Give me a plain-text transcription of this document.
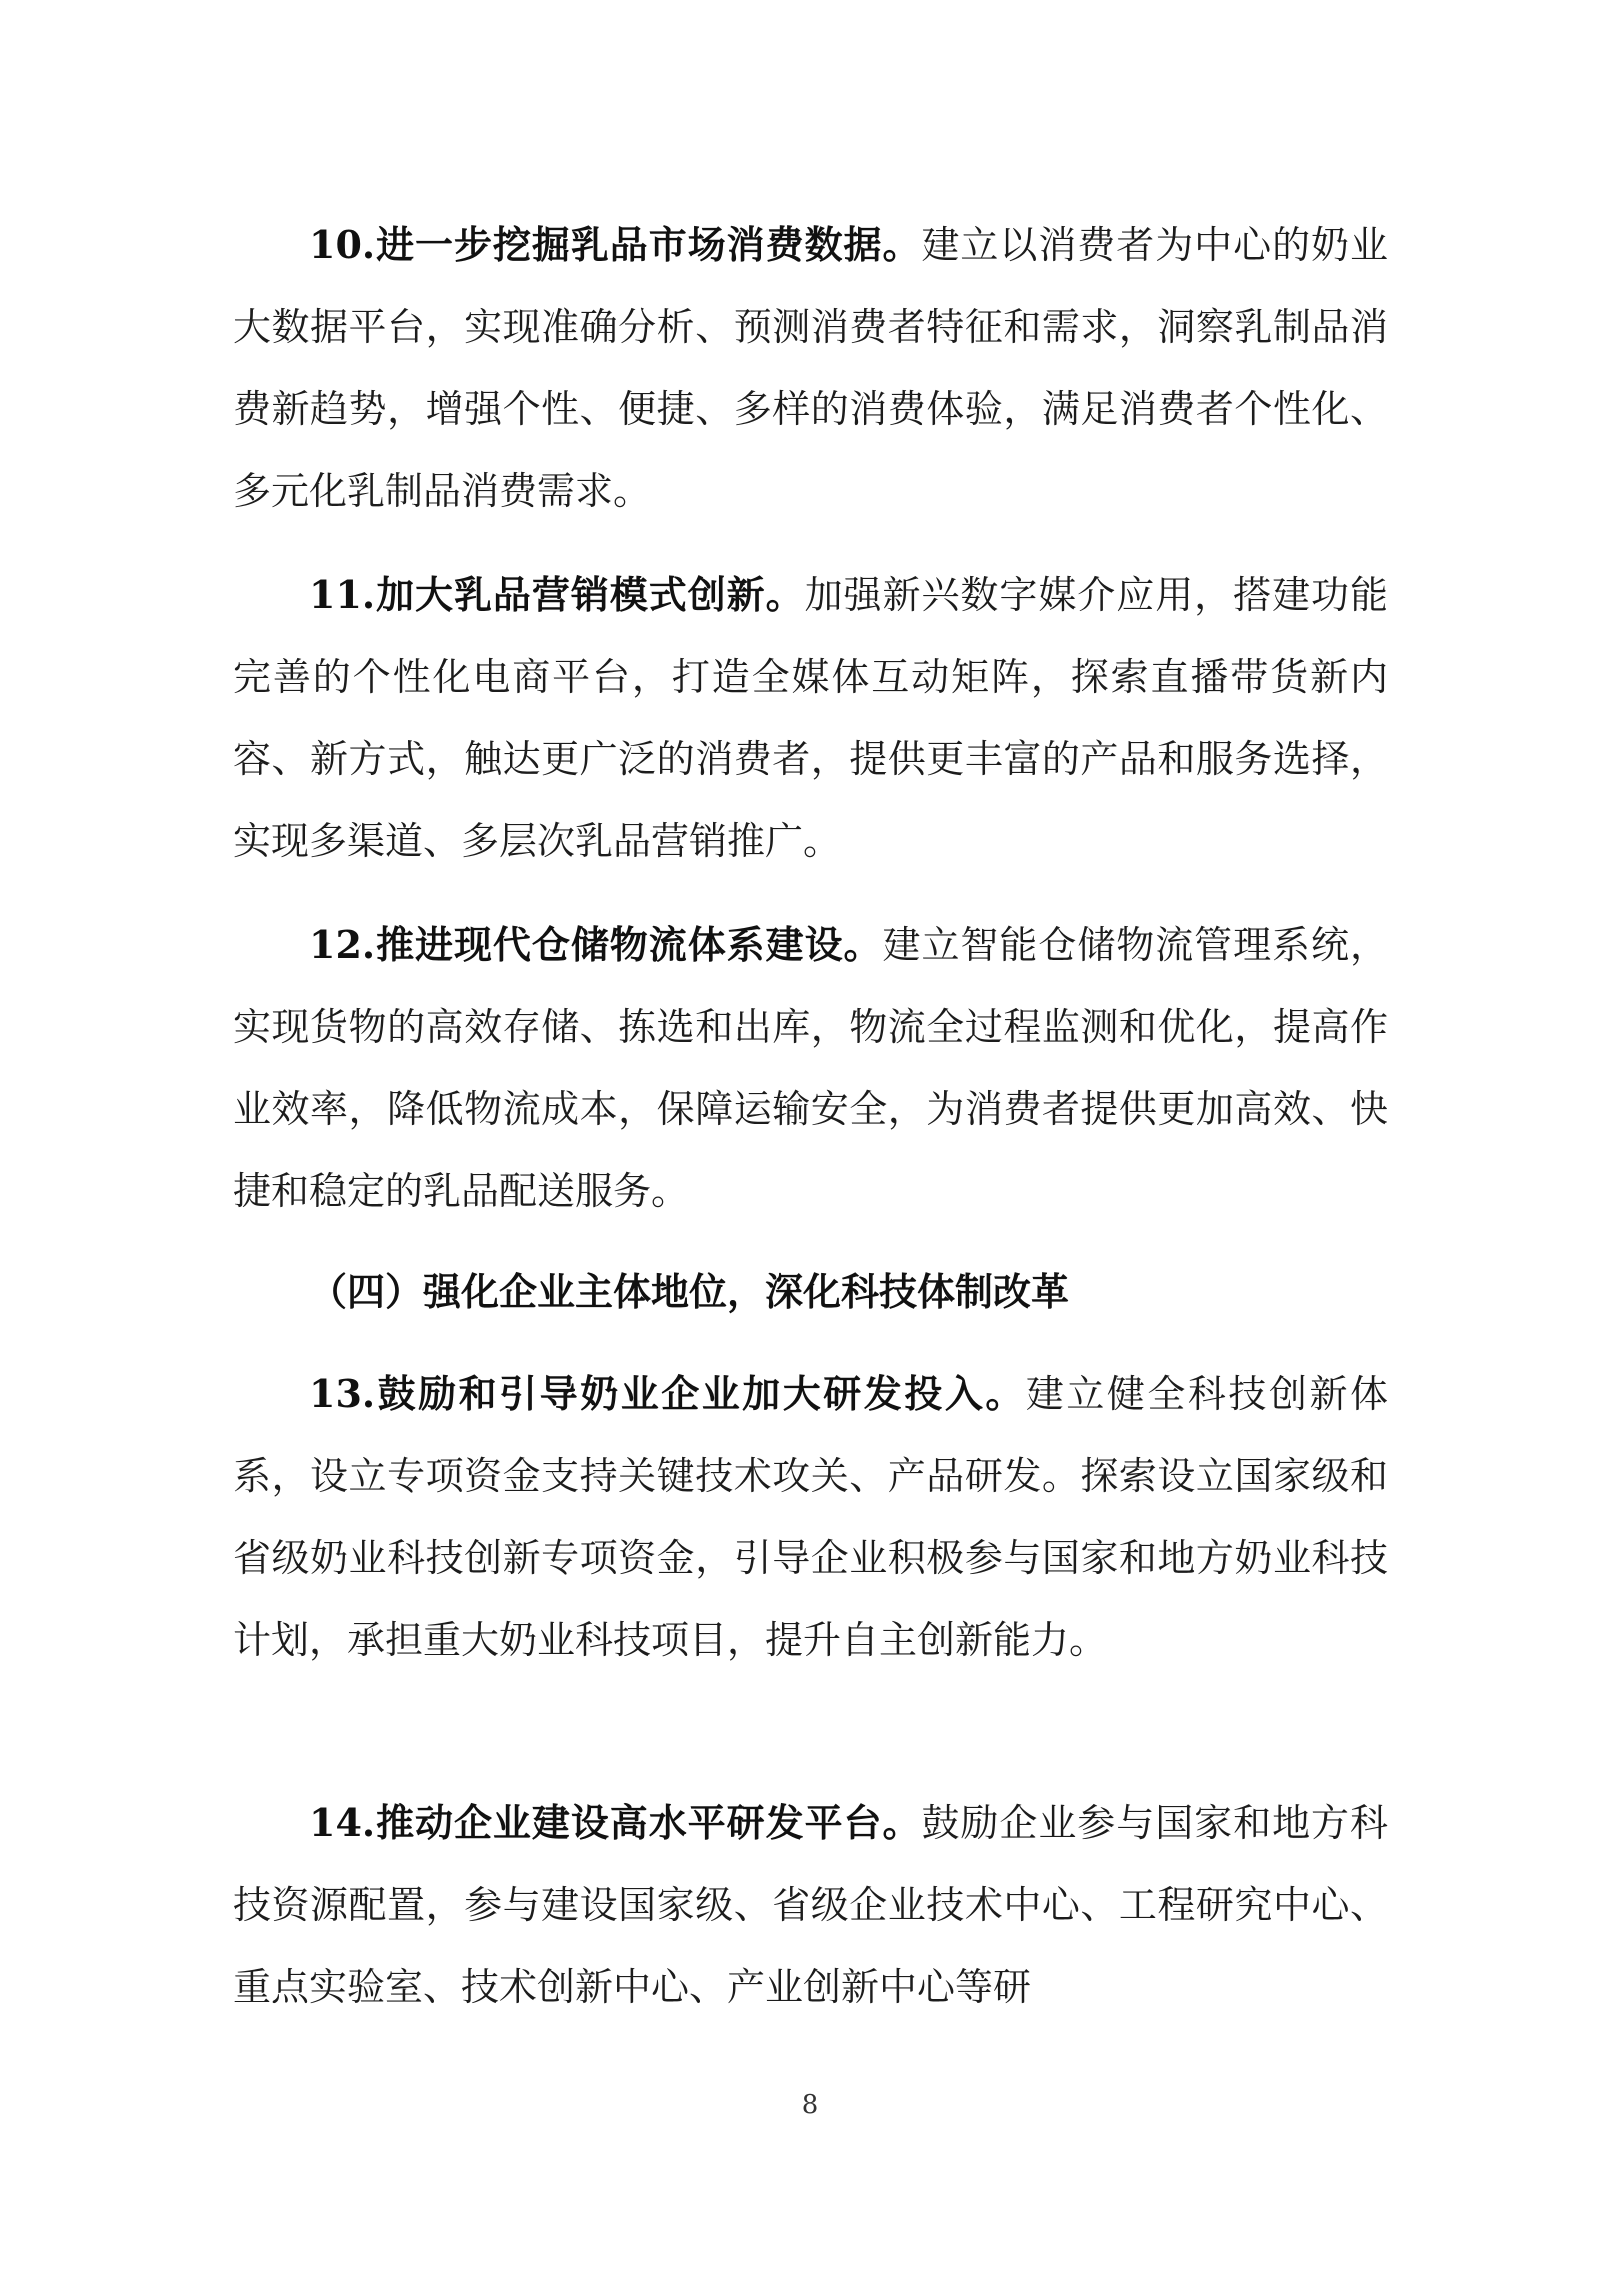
10.进一步挖掘乳品市场消费数据。建立以消费者为中心的奶业大数据平台，实现准确分析、预测消费者特征和需求，洞察乳制品消费新趋势，增强个性、便捷、多样的消费体验，满足消费者个性化、多元化乳制品消费需求。

11.加大乳品营销模式创新。加强新兴数字媒介应用，搭建功能完善的个性化电商平台，打造全媒体互动矩阵，探索直播带货新内容、新方式，触达更广泛的消费者，提供更丰富的产品和服务选择，实现多渠道、多层次乳品营销推广。

12.推进现代仓储物流体系建设。建立智能仓储物流管理系统，实现货物的高效存储、拣选和出库，物流全过程监测和优化，提高作业效率，降低物流成本，保障运输安全，为消费者提供更加高效、快捷和稳定的乳品配送服务。

（四）强化企业主体地位，深化科技体制改革

13.鼓励和引导奶业企业加大研发投入。建立健全科技创新体系，设立专项资金支持关键技术攻关、产品研发。探索设立国家级和省级奶业科技创新专项资金，引导企业积极参与国家和地方奶业科技计划，承担重大奶业科技项目，提升自主创新能力。

14.推动企业建设高水平研发平台。鼓励企业参与国家和地方科技资源配置，参与建设国家级、省级企业技术中心、工程研究中心、重点实验室、技术创新中心、产业创新中心等研

8
